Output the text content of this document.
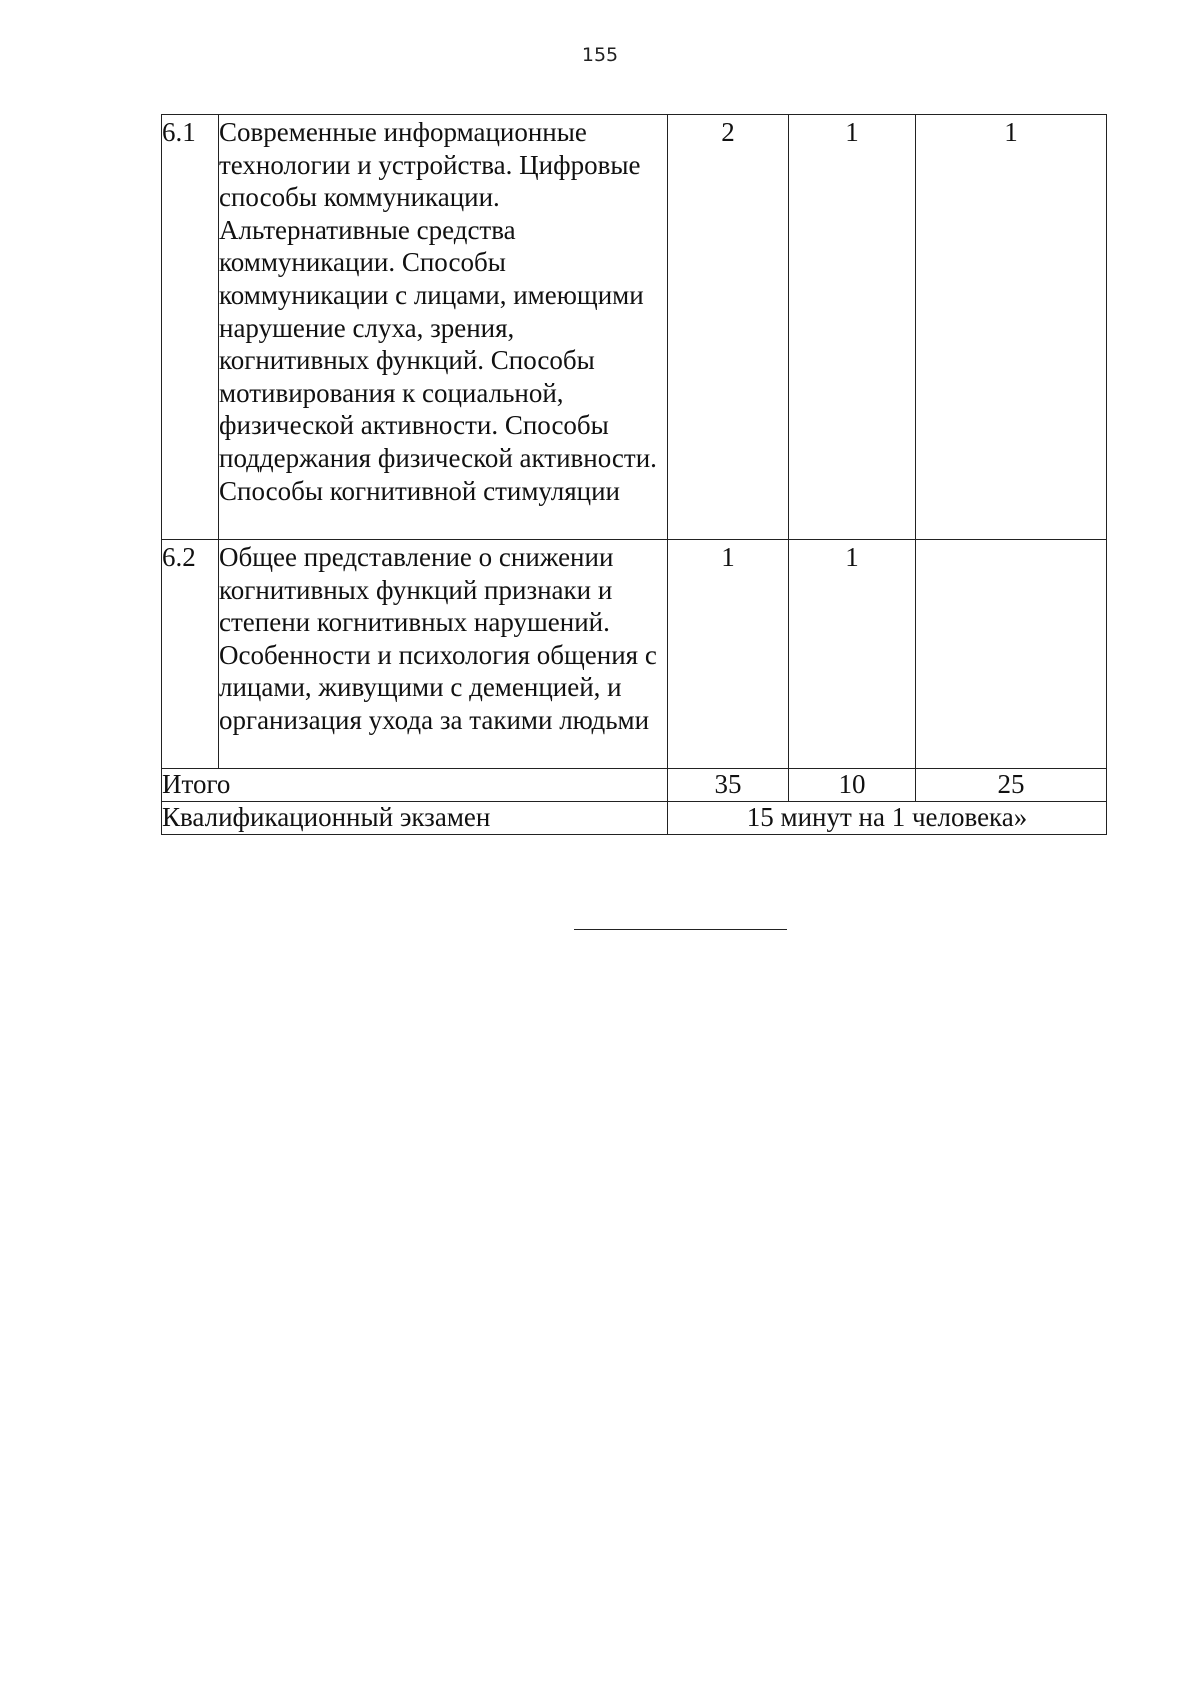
155
6.1	Современные информационные технологии и устройства. Цифровые способы коммуникации. Альтернативные средства коммуникации. Способы коммуникации с лицами, имеющими нарушение слуха, зрения, когнитивных функций. Способы мотивирования к социальной, физической активности. Способы поддержания физической активности. Способы когнитивной стимуляции	2	1	1
6.2	Общее представление о снижении когнитивных функций признаки и степени когнитивных нарушений. Особенности и психология общения с лицами, живущими с деменцией, и организация ухода за такими людьми	1	1	
Итого		35	10	25
Квалификационный экзамен		15 минут на 1 человека»		
